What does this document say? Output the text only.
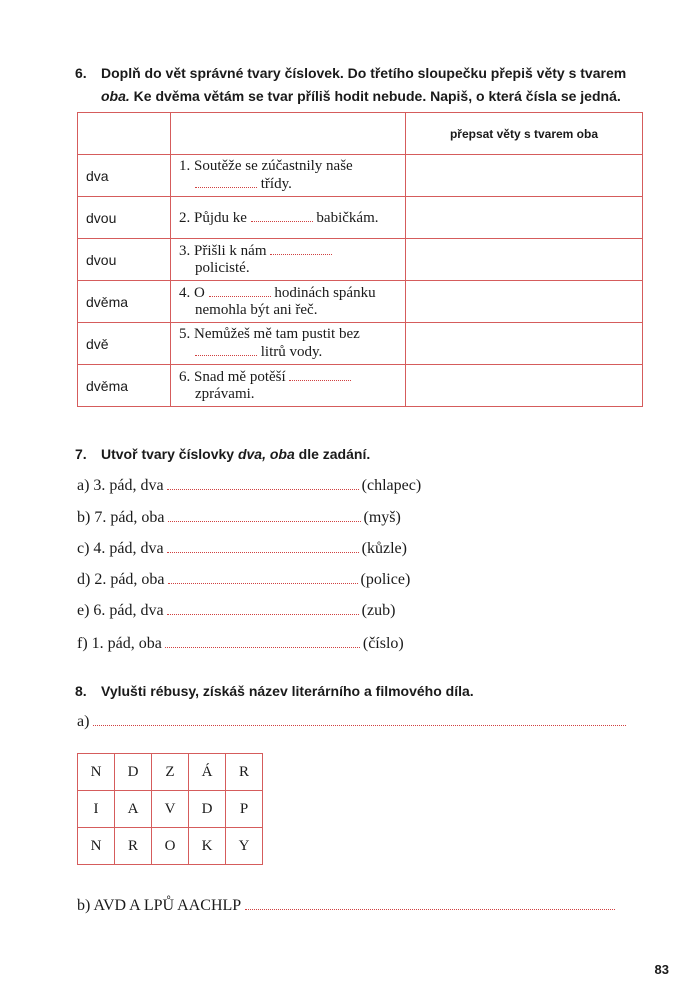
6. Doplň do vět správné tvary číslovek. Do třetího sloupečku přepiš věty s tvarem
oba. Ke dvěma větám se tvar příliš hodit nebude. Napiš, o která čísla se jedná.
		přepsat věty s tvarem oba
dva	1. Soutěže se zúčastnily naše
třídy.	
dvou	2. Půjdu ke babičkám.	
dvou	3. Přišli k nám
policisté.	
dvěma	4. O hodinách spánku
nemohla být ani řeč.	
dvě	5. Nemůžeš mě tam pustit bez
litrů vody.	
dvěma	6. Snad mě potěší
zprávami.	
7. Utvoř tvary číslovky dva, oba dle zadání.
a) 3. pád, dva	(chlapec)
b) 7. pád, oba	(myš)
c) 4. pád, dva	(kůzle)
d) 2. pád, oba	(police)
e) 6. pád, dva	(zub)
f) 1. pád, oba	(číslo)
8. Vylušti rébusy, získáš název literárního a filmového díla.
a)
N	D	Z	Á	R
I	A	V	D	P
N	R	O	K	Y
b) AVD A LPŮ AACHLP
83
